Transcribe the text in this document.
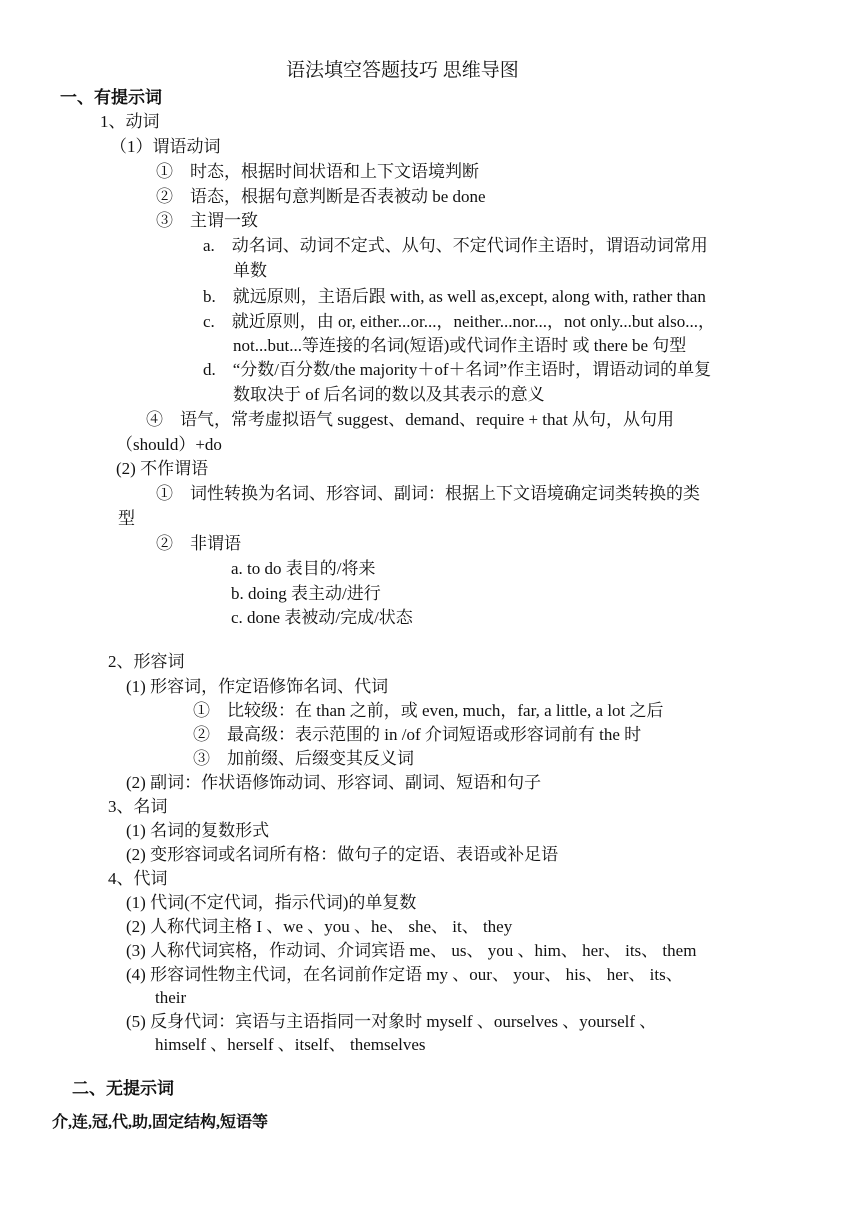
语法填空答题技巧 思维导图
一、有提示词
1、动词
（1）谓语动词
①　时态，根据时间状语和上下文语境判断
②　语态，根据句意判断是否表被动 be done
③　主谓一致
a.　动名词、动词不定式、从句、不定代词作主语时，谓语动词常用
单数
b.　就远原则，主语后跟 with, as well as,except, along with, rather than
c.　就近原则，由 or, either...or...，neither...nor...，not only...but also...，
not...but...等连接的名词(短语)或代词作主语时 或 there be 句型
d.　“分数/百分数/the majority＋of＋名词”作主语时，谓语动词的单复
数取决于 of 后名词的数以及其表示的意义
④　语气，常考虚拟语气 suggest、demand、require + that 从句，从句用
（should）+do
(2) 不作谓语
①　词性转换为名词、形容词、副词：根据上下文语境确定词类转换的类
型
②　非谓语
a. to do 表目的/将来
b. doing 表主动/进行
c. done 表被动/完成/状态
2、形容词
(1) 形容词，作定语修饰名词、代词
①　比较级：在 than 之前，或 even, much，far, a little, a lot 之后
②　最高级：表示范围的 in /of 介词短语或形容词前有 the 时
③　加前缀、后缀变其反义词
(2) 副词：作状语修饰动词、形容词、副词、短语和句子
3、名词
(1) 名词的复数形式
(2) 变形容词或名词所有格：做句子的定语、表语或补足语
4、代词
(1) 代词(不定代词，指示代词)的单复数
(2) 人称代词主格 I 、we 、you 、he、 she、 it、 they
(3) 人称代词宾格，作动词、介词宾语 me、 us、 you 、him、 her、 its、 them
(4) 形容词性物主代词，在名词前作定语 my 、our、 your、 his、 her、 its、
their
(5) 反身代词：宾语与主语指同一对象时 myself 、ourselves 、yourself 、
himself 、herself 、itself、 themselves
二、无提示词
介,连,冠,代,助,固定结构,短语等
